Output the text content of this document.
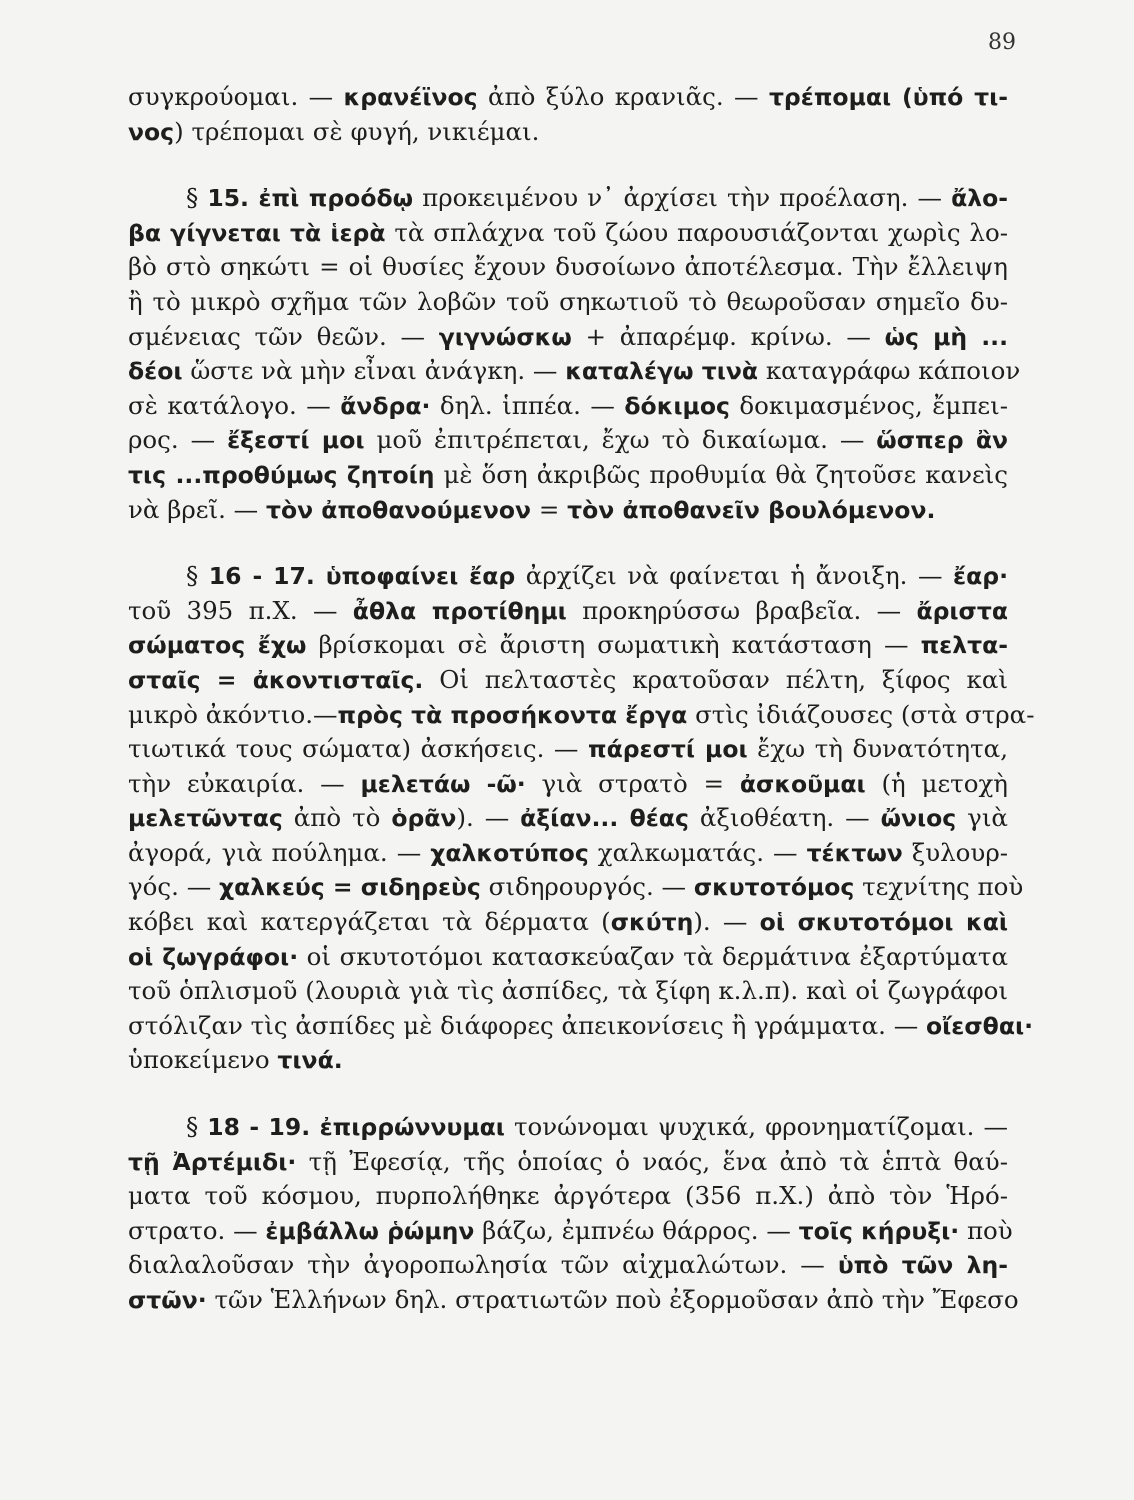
89
συγκρούομαι. — κρανέϊνος ἀπὸ ξύλο κρανιᾶς. — τρέπομαι (ὑπό τι-
νος) τρέπομαι σὲ φυγή, νικιέμαι.
§ 15. ἐπὶ προόδῳ προκειμένου ν᾽ ἀρχίσει τὴν προέλαση. — ἄλο-
βα γίγνεται τὰ ἱερὰ τὰ σπλάχνα τοῦ ζώου παρουσιάζονται χωρὶς λο-
βὸ στὸ σηκώτι = οἱ θυσίες ἔχουν δυσοίωνο ἀποτέλεσμα. Τὴν ἔλλειψη
ἢ τὸ μικρὸ σχῆμα τῶν λοβῶν τοῦ σηκωτιοῦ τὸ θεωροῦσαν σημεῖο δυ-
σμένειας τῶν θεῶν. — γιγνώσκω + ἀπαρέμφ. κρίνω. — ὡς μὴ ...
δέοι ὥστε νὰ μὴν εἶναι ἀνάγκη. — καταλέγω τινὰ καταγράφω κάποιον
σὲ κατάλογο. — ἄνδρα· δηλ. ἱππέα. — δόκιμος δοκιμασμένος, ἔμπει-
ρος. — ἔξεστί μοι μοῦ ἐπιτρέπεται, ἔχω τὸ δικαίωμα. — ὥσπερ ἂν
τις ...προθύμως ζητοίη μὲ ὅση ἀκριβῶς προθυμία θὰ ζητοῦσε κανεὶς
νὰ βρεῖ. — τὸν ἀποθανούμενον = τὸν ἀποθανεῖν βουλόμενον.
§ 16 - 17. ὑποφαίνει ἔαρ ἀρχίζει νὰ φαίνεται ἡ ἄνοιξη. — ἔαρ·
τοῦ 395 π.Χ. — ἆθλα προτίθημι προκηρύσσω βραβεῖα. — ἄριστα
σώματος ἔχω βρίσκομαι σὲ ἄριστη σωματικὴ κατάσταση — πελτα-
σταῖς = ἀκοντισταῖς. Οἱ πελταστὲς κρατοῦσαν πέλτη, ξίφος καὶ
μικρὸ ἀκόντιο.—πρὸς τὰ προσήκοντα ἔργα στὶς ἰδιάζουσες (στὰ στρα-
τιωτικά τους σώματα) ἀσκήσεις. — πάρεστί μοι ἔχω τὴ δυνατότητα,
τὴν εὐκαιρία. — μελετάω -ῶ· γιὰ στρατὸ = ἀσκοῦμαι (ἡ μετοχὴ
μελετῶντας ἀπὸ τὸ ὁρᾶν). — ἀξίαν... θέας ἀξιοθέατη. — ὤνιος γιὰ
ἀγορά, γιὰ πούλημα. — χαλκοτύπος χαλκωματάς. — τέκτων ξυλουρ-
γός. — χαλκεύς = σιδηρεὺς σιδηρουργός. — σκυτοτόμος τεχνίτης ποὺ
κόβει καὶ κατεργάζεται τὰ δέρματα (σκύτη). — οἱ σκυτοτόμοι καὶ
οἱ ζωγράφοι· οἱ σκυτοτόμοι κατασκεύαζαν τὰ δερμάτινα ἐξαρτύματα
τοῦ ὁπλισμοῦ (λουριὰ γιὰ τὶς ἀσπίδες, τὰ ξίφη κ.λ.π). καὶ οἱ ζωγράφοι
στόλιζαν τὶς ἀσπίδες μὲ διάφορες ἀπεικονίσεις ἢ γράμματα. — οἴεσθαι·
ὑποκείμενο τινά.
§ 18 - 19. ἐπιρρώννυμαι τονώνομαι ψυχικά, φρονηματίζομαι. —
τῇ Ἀρτέμιδι· τῇ Ἐφεσίᾳ, τῆς ὁποίας ὁ ναός, ἕνα ἀπὸ τὰ ἑπτὰ θαύ-
ματα τοῦ κόσμου, πυρπολήθηκε ἀργότερα (356 π.Χ.) ἀπὸ τὸν Ἡρό-
στρατο. — ἐμβάλλω ῥώμην βάζω, ἐμπνέω θάρρος. — τοῖς κήρυξι· ποὺ
διαλαλοῦσαν τὴν ἀγοροπωλησία τῶν αἰχμαλώτων. — ὑπὸ τῶν λη-
στῶν· τῶν Ἑλλήνων δηλ. στρατιωτῶν ποὺ ἐξορμοῦσαν ἀπὸ τὴν Ἔφεσο
